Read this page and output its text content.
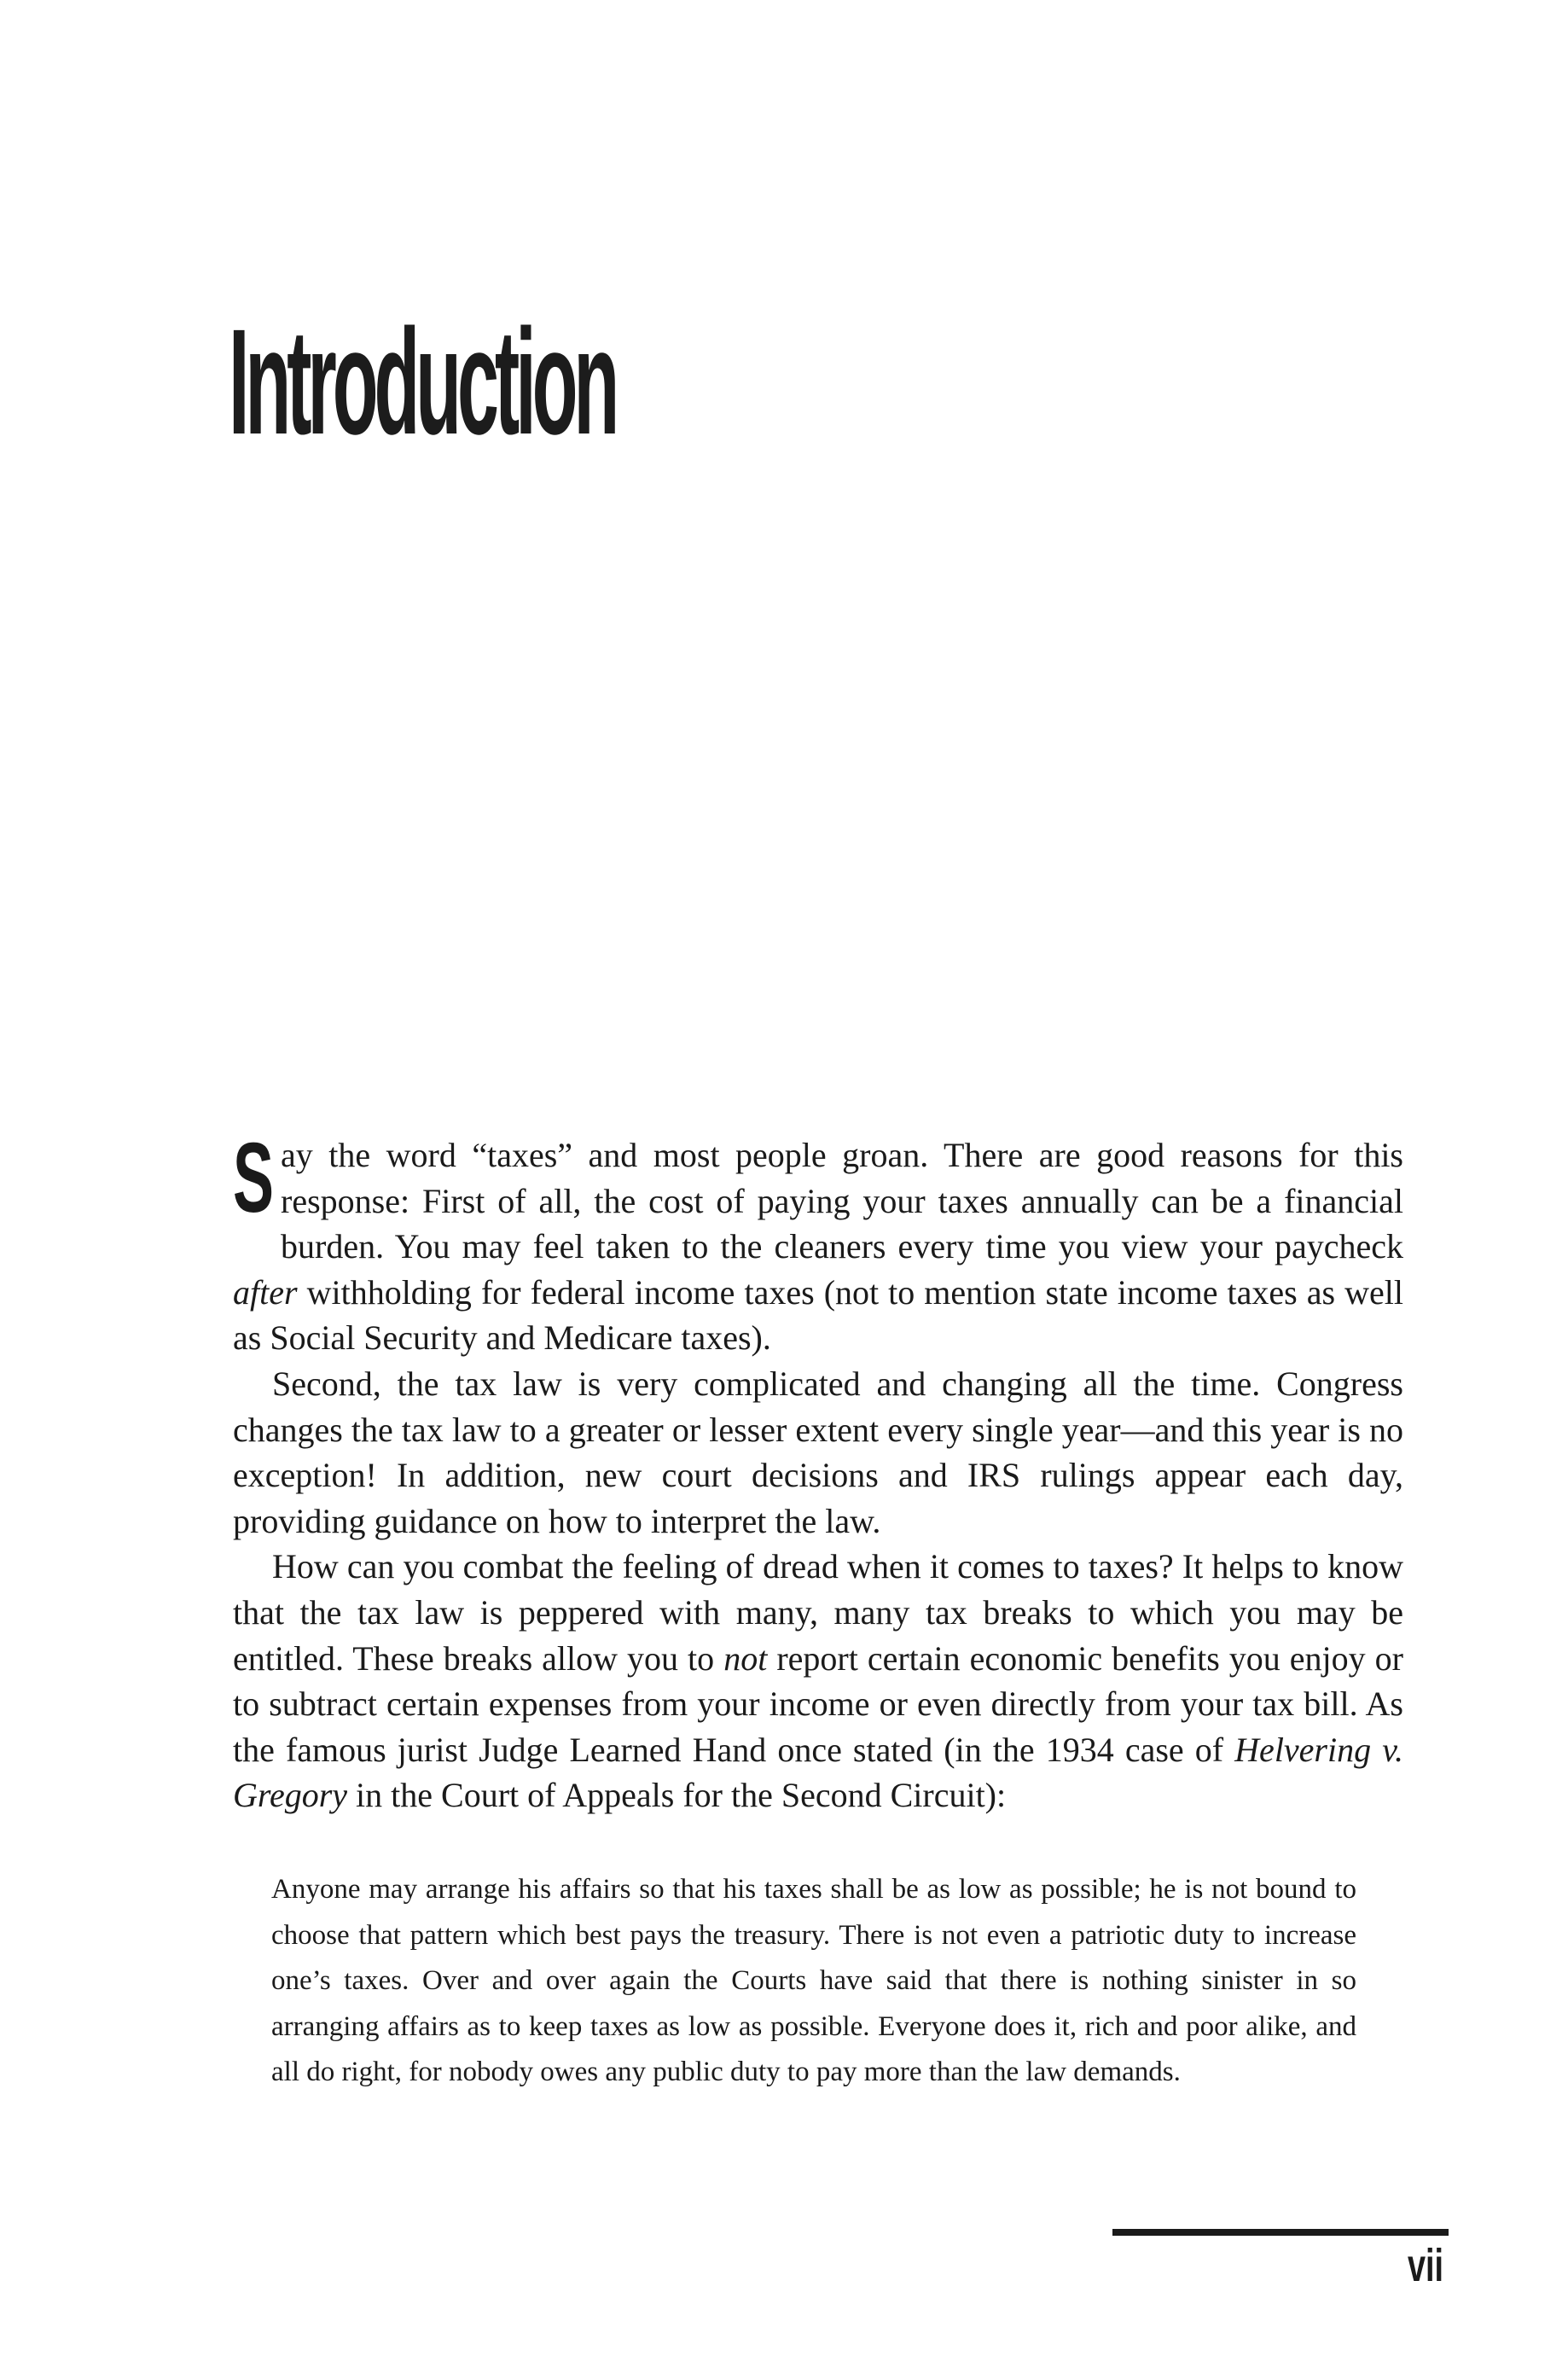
Introduction

Say the word “taxes” and most people groan. There are good reasons for this response: First of all, the cost of paying your taxes annually can be a financial burden. You may feel taken to the cleaners every time you view your paycheck after withholding for federal income taxes (not to mention state income taxes as well as Social Security and Medicare taxes).

Second, the tax law is very complicated and changing all the time. Congress changes the tax law to a greater or lesser extent every single year—and this year is no exception! In addition, new court decisions and IRS rulings appear each day, providing guidance on how to interpret the law.

How can you combat the feeling of dread when it comes to taxes? It helps to know that the tax law is peppered with many, many tax breaks to which you may be entitled. These breaks allow you to not report certain economic benefits you enjoy or to subtract certain expenses from your income or even directly from your tax bill. As the famous jurist Judge Learned Hand once stated (in the 1934 case of Helvering v. Gregory in the Court of Appeals for the Second Circuit):

Anyone may arrange his affairs so that his taxes shall be as low as possible; he is not bound to choose that pattern which best pays the treasury. There is not even a patriotic duty to increase one’s taxes. Over and over again the Courts have said that there is nothing sinister in so arranging affairs as to keep taxes as low as possible. Everyone does it, rich and poor alike, and all do right, for nobody owes any public duty to pay more than the law demands.

vii
